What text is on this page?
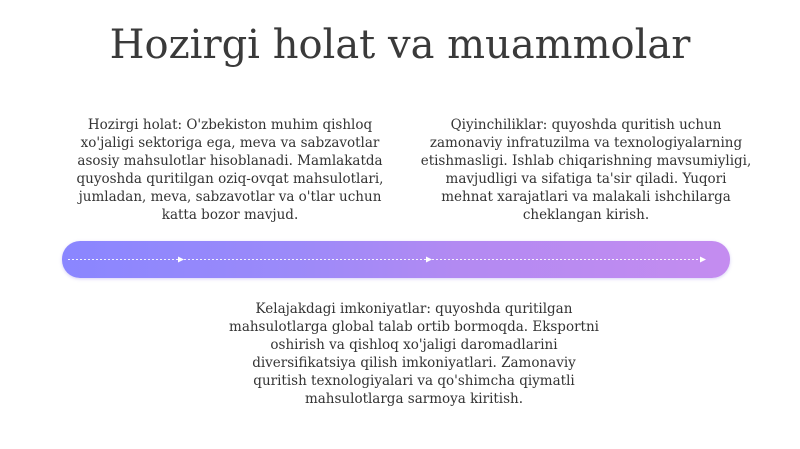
Hozirgi holat va muammolar
Hozirgi holat: O'zbekiston muhim qishloq xo'jaligi sektoriga ega, meva va sabzavotlar asosiy mahsulotlar hisoblanadi. Mamlakatda quyoshda quritilgan oziq-ovqat mahsulotlari, jumladan, meva, sabzavotlar va o'tlar uchun katta bozor mavjud.
Qiyinchiliklar: quyoshda quritish uchun zamonaviy infratuzilma va texnologiyalarning etishmasligi. Ishlab chiqarishning mavsumiyligi, mavjudligi va sifatiga ta'sir qiladi. Yuqori mehnat xarajatlari va malakali ishchilarga cheklangan kirish.
Kelajakdagi imkoniyatlar: quyoshda quritilgan mahsulotlarga global talab ortib bormoqda. Eksportni oshirish va qishloq xo'jaligi daromadlarini diversifikatsiya qilish imkoniyatlari. Zamonaviy quritish texnologiyalari va qo'shimcha qiymatli mahsulotlarga sarmoya kiritish.
